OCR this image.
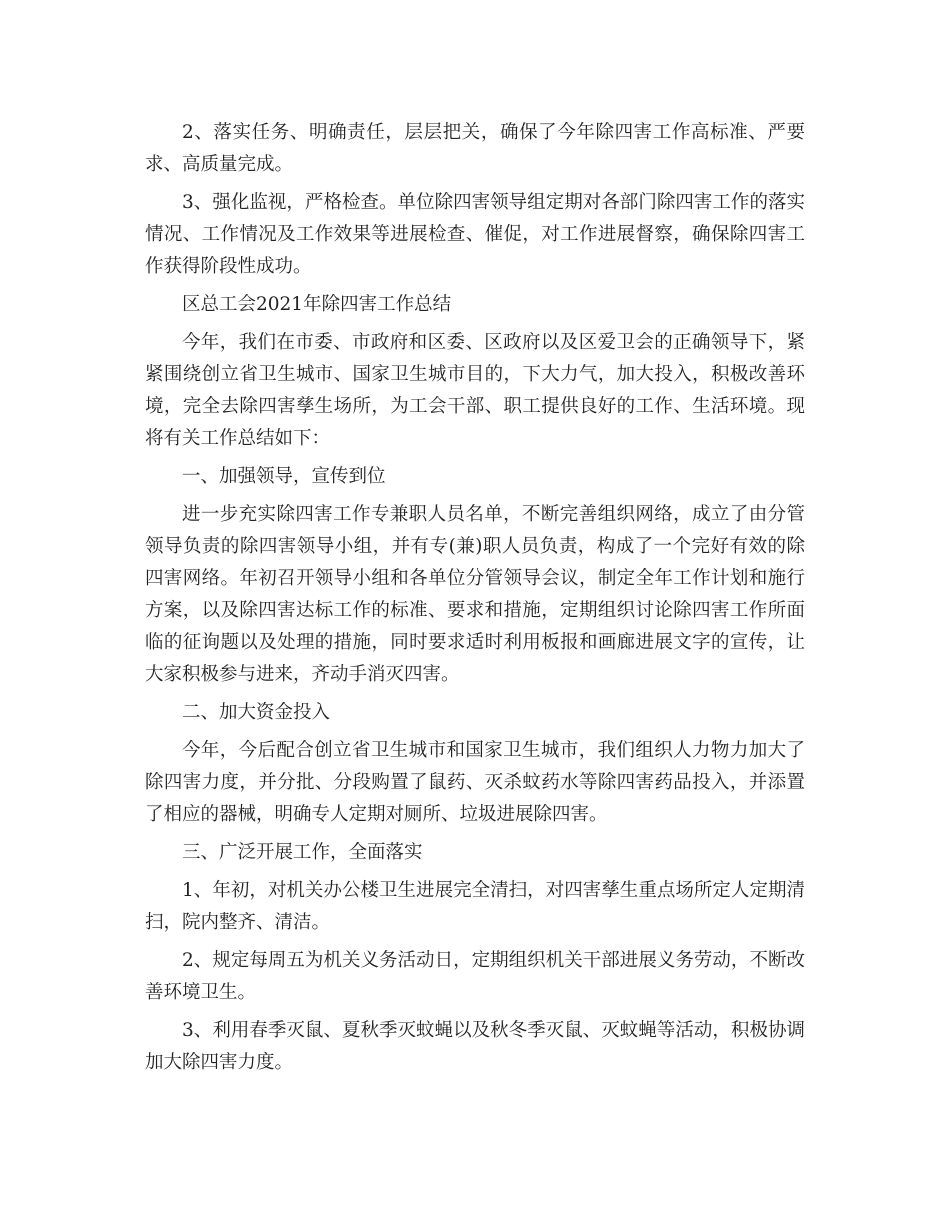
2、落实任务、明确责任，层层把关，确保了今年除四害工作高标准、严要求、高质量完成。

3、强化监视，严格检查。单位除四害领导组定期对各部门除四害工作的落实情况、工作情况及工作效果等进展检查、催促，对工作进展督察，确保除四害工作获得阶段性成功。

区总工会2021年除四害工作总结

今年，我们在市委、市政府和区委、区政府以及区爱卫会的正确领导下，紧紧围绕创立省卫生城市、国家卫生城市目的，下大力气，加大投入，积极改善环境，完全去除四害孳生场所，为工会干部、职工提供良好的工作、生活环境。现将有关工作总结如下：

一、加强领导，宣传到位

进一步充实除四害工作专兼职人员名单，不断完善组织网络，成立了由分管领导负责的除四害领导小组，并有专(兼)职人员负责，构成了一个完好有效的除四害网络。年初召开领导小组和各单位分管领导会议，制定全年工作计划和施行方案，以及除四害达标工作的标准、要求和措施，定期组织讨论除四害工作所面临的征询题以及处理的措施，同时要求适时利用板报和画廊进展文字的宣传，让大家积极参与进来，齐动手消灭四害。

二、加大资金投入

今年，今后配合创立省卫生城市和国家卫生城市，我们组织人力物力加大了除四害力度，并分批、分段购置了鼠药、灭杀蚊药水等除四害药品投入，并添置了相应的器械，明确专人定期对厕所、垃圾进展除四害。

三、广泛开展工作，全面落实

1、年初，对机关办公楼卫生进展完全清扫，对四害孳生重点场所定人定期清扫，院内整齐、清洁。

2、规定每周五为机关义务活动日，定期组织机关干部进展义务劳动，不断改善环境卫生。

3、利用春季灭鼠、夏秋季灭蚊蝇以及秋冬季灭鼠、灭蚊蝇等活动，积极协调加大除四害力度。
